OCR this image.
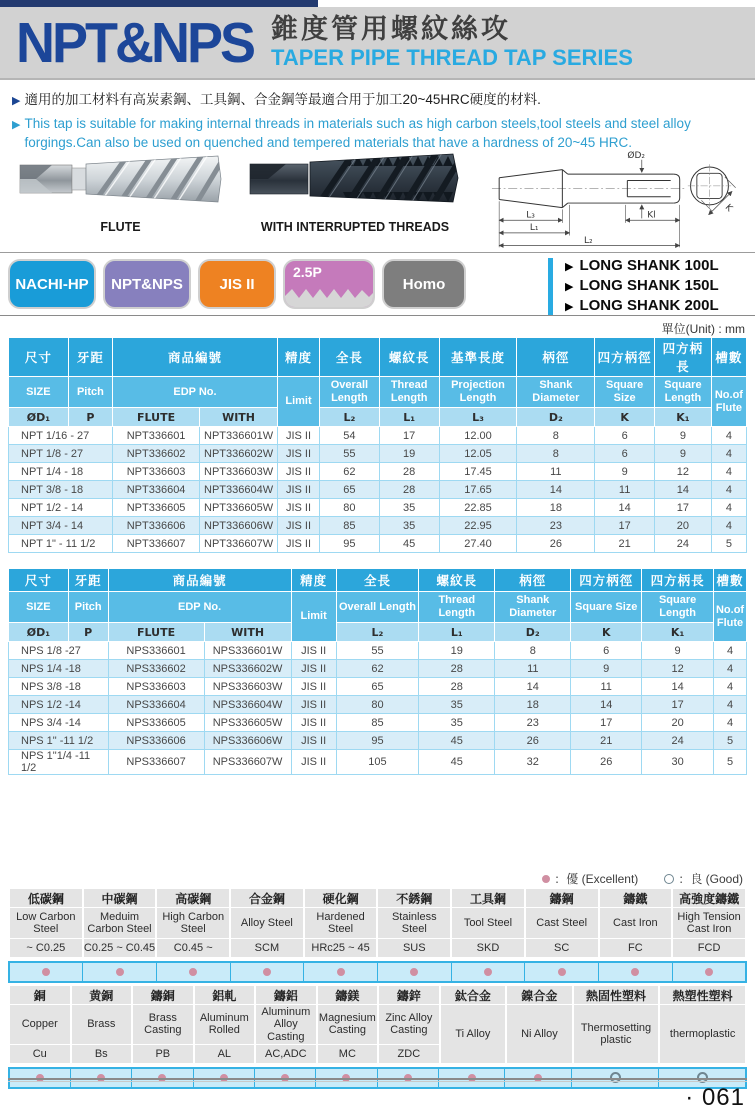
NPT&NPS 錐度管用螺紋絲攻
TAPER PIPE THREAD TAP SERIES

▶ 適用的加工材料有高炭素鋼、工具鋼、合金鋼等最適合用于加工20~45HRC硬度的材料.

▶ This tap is suitable for making internal threads in materials such as high carbon steels,tool steels and steel alloy forgings.Can also be used on quenched and tempered materials that have a hardness of 20~45 HRC.

FLUTE	WITH INTERRUPTED THREADS
ØD₂
L₃	Kl
L₁
L₂
K
NACHI-HP NPT&NPS JIS II
2.5P
Homo
▶ LONG SHANK 100L
▶ LONG SHANK 150L
▶ LONG SHANK 200L
單位(Unit) : mm
尺寸	牙距	商品編號		精度	全長	螺紋長	基準長度	柄徑	四方柄徑	四方柄長	槽數
SIZE	Pitch	EDP No.		Limit	Overall Length	Thread Length	Projection Length	Shank Diameter	Square Size	Square Length	No.of Flute
ØD₁	P	FLUTE	WITH		L₂	L₁	L₃	D₂	K	K₁	
NPT 1/16 - 27		NPT336601	NPT336601W	JIS II	54	17	12.00	8	6	9	4
NPT 1/8 - 27		NPT336602	NPT336602W	JIS II	55	19	12.05	8	6	9	4
NPT 1/4 - 18		NPT336603	NPT336603W	JIS II	62	28	17.45	11	9	12	4
NPT 3/8 - 18		NPT336604	NPT336604W	JIS II	65	28	17.65	14	11	14	4
NPT 1/2 - 14		NPT336605	NPT336605W	JIS II	80	35	22.85	18	14	17	4
NPT 3/4 - 14		NPT336606	NPT336606W	JIS II	85	35	22.95	23	17	20	4
NPT 1" - 11 1/2		NPT336607	NPT336607W	JIS II	95	45	27.40	26	21	24	5
尺寸	牙距	商品編號		精度	全長	螺紋長	柄徑	四方柄徑	四方柄長	槽數
SIZE	Pitch	EDP No.		Limit	Overall Length	Thread Length	Shank Diameter	Square Size	Square Length	No.of Flute
ØD₁	P	FLUTE	WITH		L₂	L₁	D₂	K	K₁	
NPS 1/8 -27		NPS336601	NPS336601W	JIS II	55	19	8	6	9	4
NPS 1/4 -18		NPS336602	NPS336602W	JIS II	62	28	11	9	12	4
NPS 3/8 -18		NPS336603	NPS336603W	JIS II	65	28	14	11	14	4
NPS 1/2 -14		NPS336604	NPS336604W	JIS II	80	35	18	14	17	4
NPS 3/4 -14		NPS336605	NPS336605W	JIS II	85	35	23	17	20	4
NPS 1" -11 1/2		NPS336606	NPS336606W	JIS II	95	45	26	21	24	5
NPS 1"1/4 -11 1/2		NPS336607	NPS336607W	JIS II	105	45	32	26	30	5
：優 (Excellent)	：良 (Good)
低碳鋼	中碳鋼	高碳鋼	合金鋼	硬化鋼	不銹鋼	工具鋼	鑄鋼	鑄鐵	高強度鑄鐵
Low Carbon Steel	Meduim Carbon Steel	High Carbon Steel	Alloy Steel	Hardened Steel	Stainless Steel	Tool Steel	Cast Steel	Cast Iron	High Tension Cast Iron
~ C0.25	C0.25 ~ C0.45	C0.45 ~	SCM	HRc25 ~ 45	SUS	SKD	SC	FC	FCD

銅	黄銅	鑄銅	鋁軋	鑄鋁	鑄鎂	鑄鋅	鈦合金	鎳合金	熱固性塑料	熱塑性塑料
Copper	Brass	Brass Casting	Aluminum Rolled	Aluminum Alloy Casting	Magnesium Casting	Zinc Alloy Casting	Ti Alloy	Ni Alloy	Thermosetting plastic	thermoplastic
Cu	Bs	PB	AL	AC,ADC	MC	ZDC				

· 061
